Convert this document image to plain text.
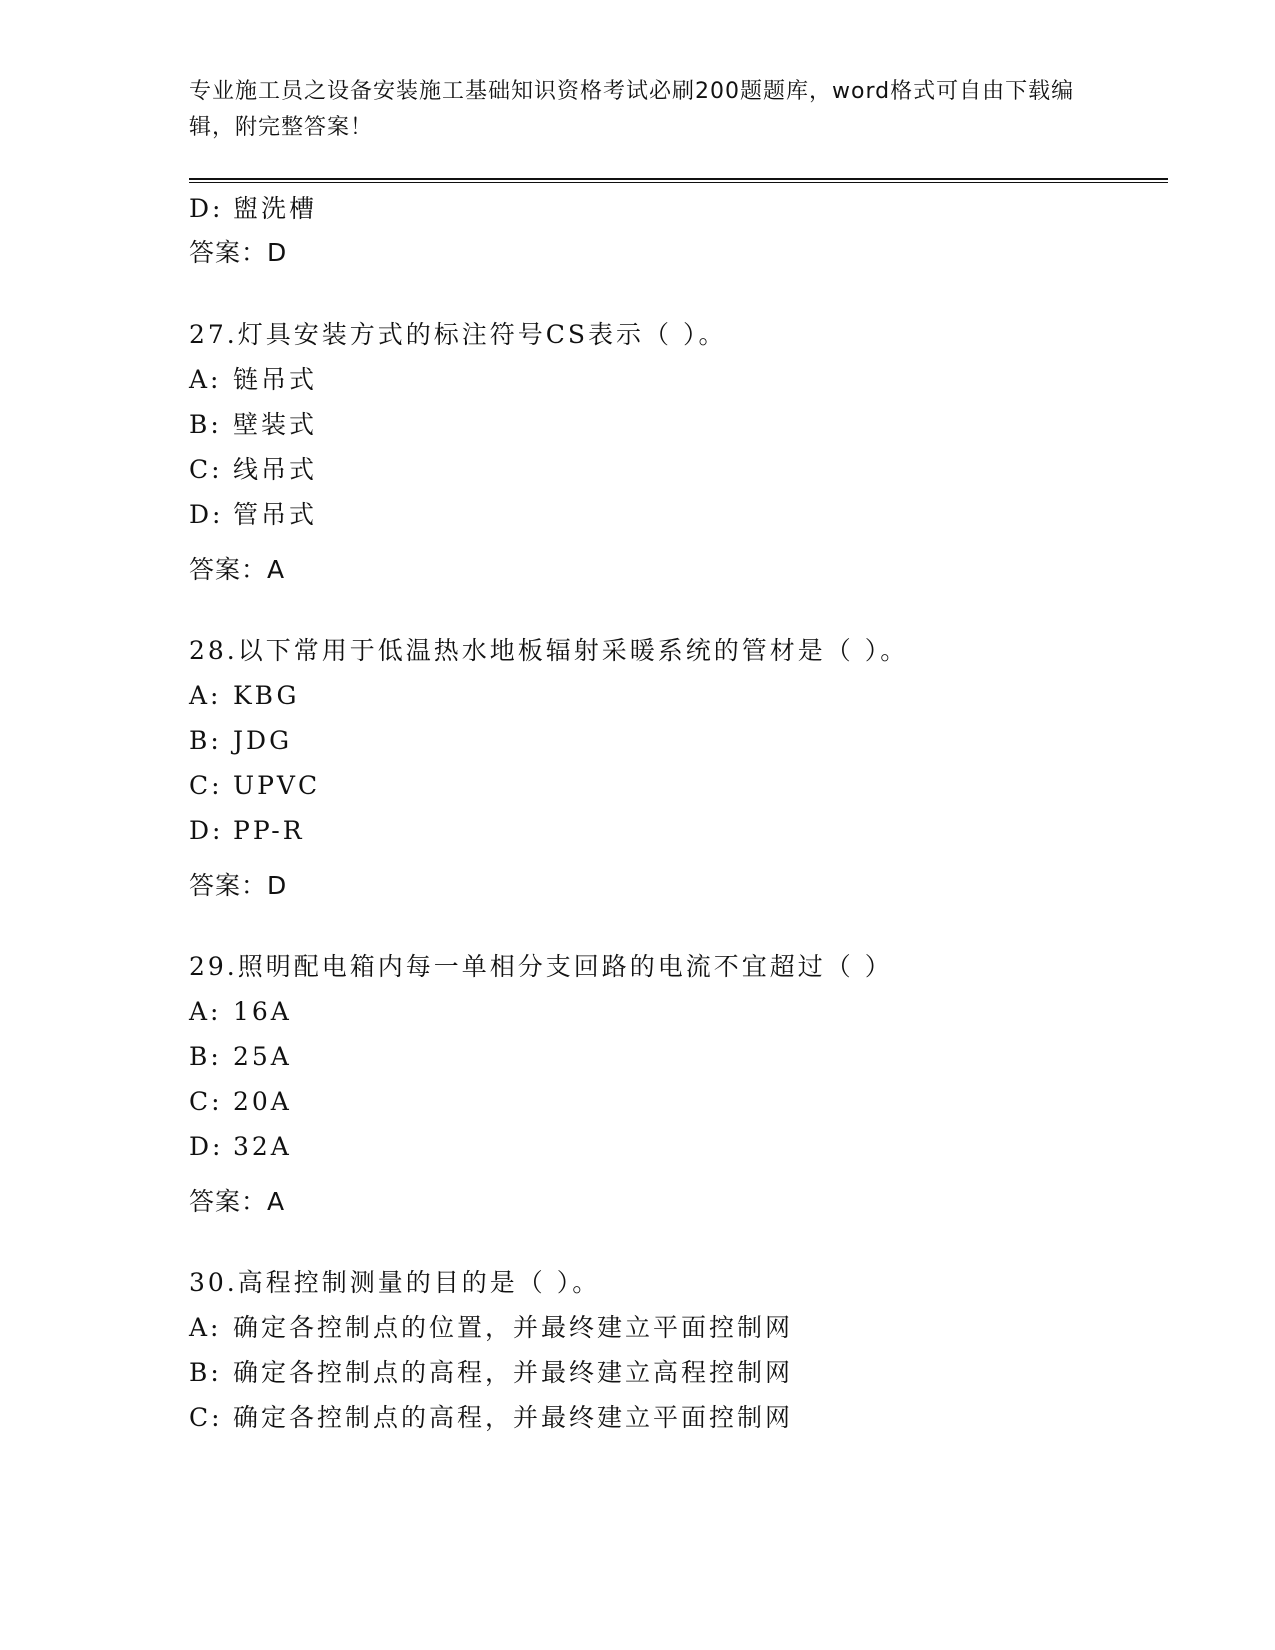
专业施工员之设备安装施工基础知识资格考试必刷200题题库，word格式可自由下载编辑，附完整答案！
D: 盥洗槽
答案：D
27.灯具安装方式的标注符号CS表示（ ）。
A: 链吊式
B: 壁装式
C: 线吊式
D: 管吊式
答案：A
28.以下常用于低温热水地板辐射采暖系统的管材是（ ）。
A: KBG
B: JDG
C: UPVC
D: PP-R
答案：D
29.照明配电箱内每一单相分支回路的电流不宜超过（ ）
A: 16A
B: 25A
C: 20A
D: 32A
答案：A
30.高程控制测量的目的是（ ）。
A: 确定各控制点的位置，并最终建立平面控制网
B: 确定各控制点的高程，并最终建立高程控制网
C: 确定各控制点的高程，并最终建立平面控制网
